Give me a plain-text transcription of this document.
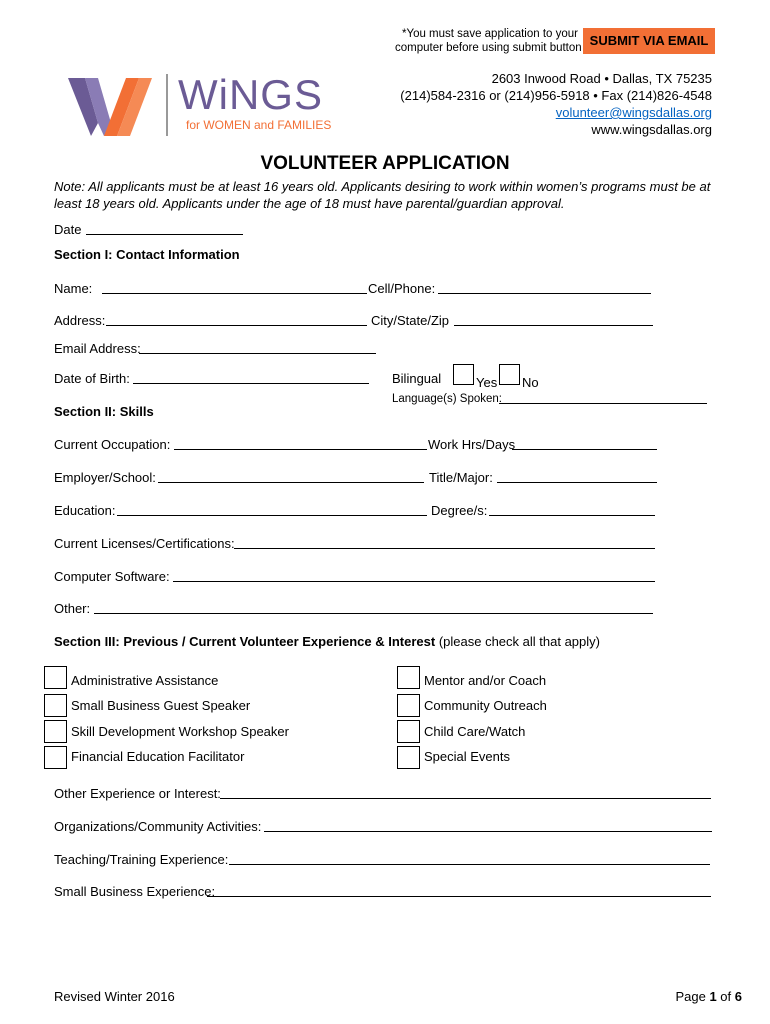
*You must save application to your
computer before using submit button SUBMIT VIA EMAIL
WiNGS
for WOMEN and FAMILIES
2603 Inwood Road • Dallas, TX 75235
(214)584-2316 or (214)956-5918 • Fax (214)826-4548
volunteer@wingsdallas.org
www.wingsdallas.org
VOLUNTEER APPLICATION
Note: All applicants must be at least 16 years old. Applicants desiring to work within women’s programs must be at least 18 years old. Applicants under the age of 18 must have parental/guardian approval.
Date
Section I: Contact Information
Name:	Cell/Phone:
Address:	City/State/Zip
Email Address:
Date of Birth:	Bilingual	Yes No
Language(s) Spoken:
Section II: Skills
Current Occupation:	Work Hrs/Days
Employer/School:	Title/Major:
Education:	Degree/s:
Current Licenses/Certifications:
Computer Software:
Other:
Section III: Previous / Current Volunteer Experience & Interest (please check all that apply)
Administrative Assistance
Small Business Guest Speaker
Skill Development Workshop Speaker
Financial Education Facilitator
Mentor and/or Coach
Community Outreach
Child Care/Watch
Special Events
Other Experience or Interest:
Organizations/Community Activities:
Teaching/Training Experience:
Small Business Experience:
Revised Winter 2016	Page 1 of 6
